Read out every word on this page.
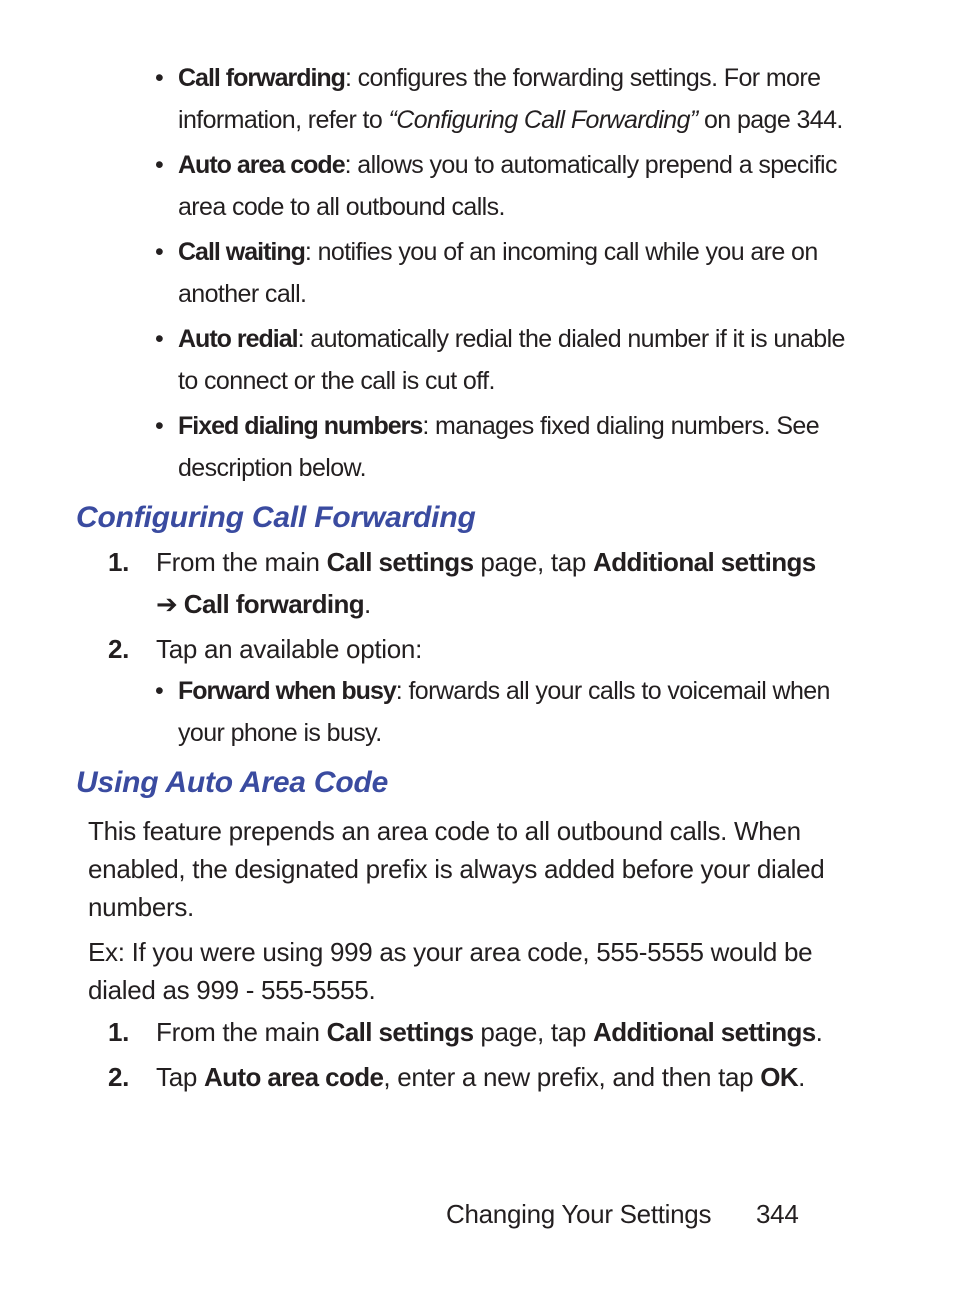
• Call forwarding: configures the forwarding settings. For more information, refer to “Configuring Call Forwarding” on page 344.
• Auto area code: allows you to automatically prepend a specific area code to all outbound calls.
• Call waiting: notifies you of an incoming call while you are on another call.
• Auto redial: automatically redial the dialed number if it is unable to connect or the call is cut off.
• Fixed dialing numbers: manages fixed dialing numbers. See description below.
Configuring Call Forwarding
1. From the main Call settings page, tap Additional settings ➔ Call forwarding.
2. Tap an available option:
• Forward when busy: forwards all your calls to voicemail when your phone is busy.
Using Auto Area Code
This feature prepends an area code to all outbound calls. When enabled, the designated prefix is always added before your dialed numbers.
Ex: If you were using 999 as your area code, 555-5555 would be dialed as 999 - 555-5555.
1. From the main Call settings page, tap Additional settings.
2. Tap Auto area code, enter a new prefix, and then tap OK.
Changing Your Settings 344
